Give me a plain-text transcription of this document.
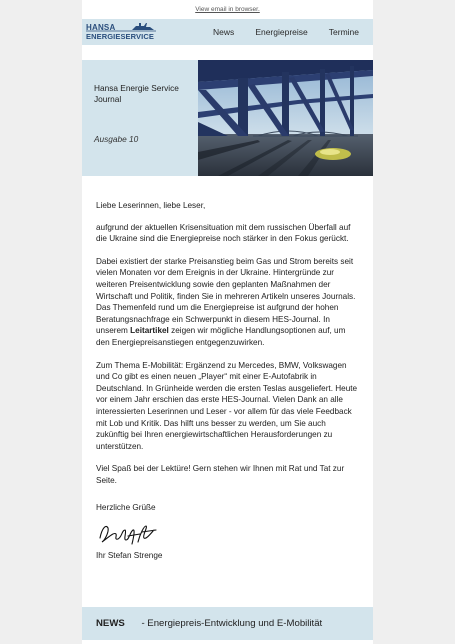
View email in browser.
HANSA
ENERGIESERVICE	News Energiepreise Termine
Hansa Energie Service Journal
Ausgabe 10

Liebe Leserinnen, liebe Leser,

aufgrund der aktuellen Krisensituation mit dem russischen Überfall auf die Ukraine sind die Energiepreise noch stärker in den Fokus gerückt.

Dabei existiert der starke Preisanstieg beim Gas und Strom bereits seit vielen Monaten vor dem Ereignis in der Ukraine. Hintergründe zur weiteren Preisentwicklung sowie den geplanten Maßnahmen der Wirtschaft und Politik, finden Sie in mehreren Artikeln unseres Journals. Das Themenfeld rund um die Energiepreise ist aufgrund der hohen Beratungsnachfrage ein Schwerpunkt in diesem HES-Journal. In unserem Leitartikel zeigen wir mögliche Handlungsoptionen auf, um den Energiepreisanstiegen entgegenzuwirken.

Zum Thema E-Mobilität: Ergänzend zu Mercedes, BMW, Volkswagen und Co gibt es einen neuen „Player“ mit einer E-Autofabrik in Deutschland. In Grünheide werden die ersten Teslas ausgeliefert. Heute vor einem Jahr erschien das erste HES-Journal. Vielen Dank an alle interessierten Leserinnen und Leser - vor allem für das viele Feedback mit Lob und Kritik. Das hilft uns besser zu werden, um Sie auch zukünftig bei Ihren energiewirtschaftlichen Herausforderungen zu unterstützen.

Viel Spaß bei der Lektüre! Gern stehen wir Ihnen mit Rat und Tat zur Seite.

Herzliche Grüße

Ihr Stefan Strenge

NEWS - Energiepreis-Entwicklung und E-Mobilität
